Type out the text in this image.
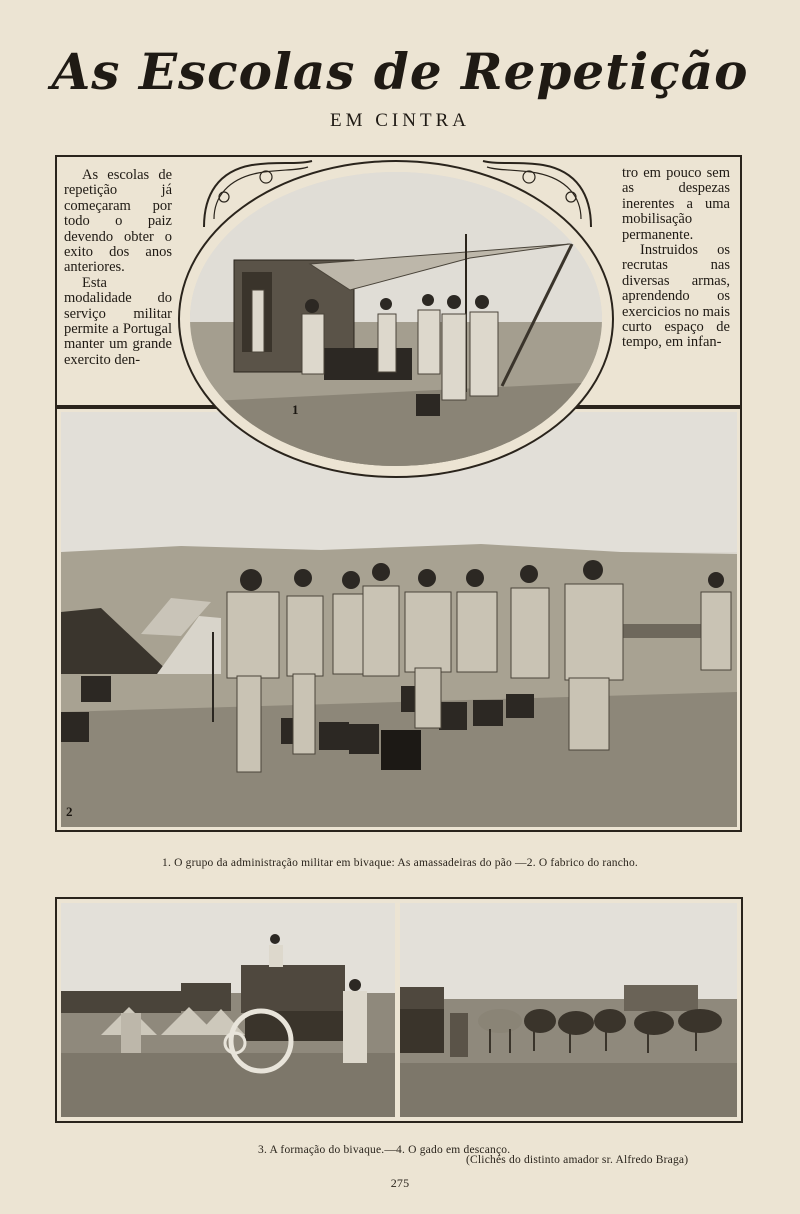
As Escolas de Repetição
EM CINTRA

As escolas de repetição já começaram por todo o paiz devendo obter o exito dos anos anteriores.

Esta modalidade do serviço militar permite a Portugal manter um grande exercito den-

tro em pouco sem as despezas inerentes a uma mobilisação permanente.

Instruidos os recrutas nas diversas armas, aprendendo os exercicios no mais curto espaço de tempo, em infan-

2
1
1. O grupo da administração militar em bivaque: As amassadeiras do pão —2. O fabrico do rancho.
3. A formação do bivaque.—4. O gado em descanço.
(Clichés do distinto amador sr. Alfredo Braga)
275
